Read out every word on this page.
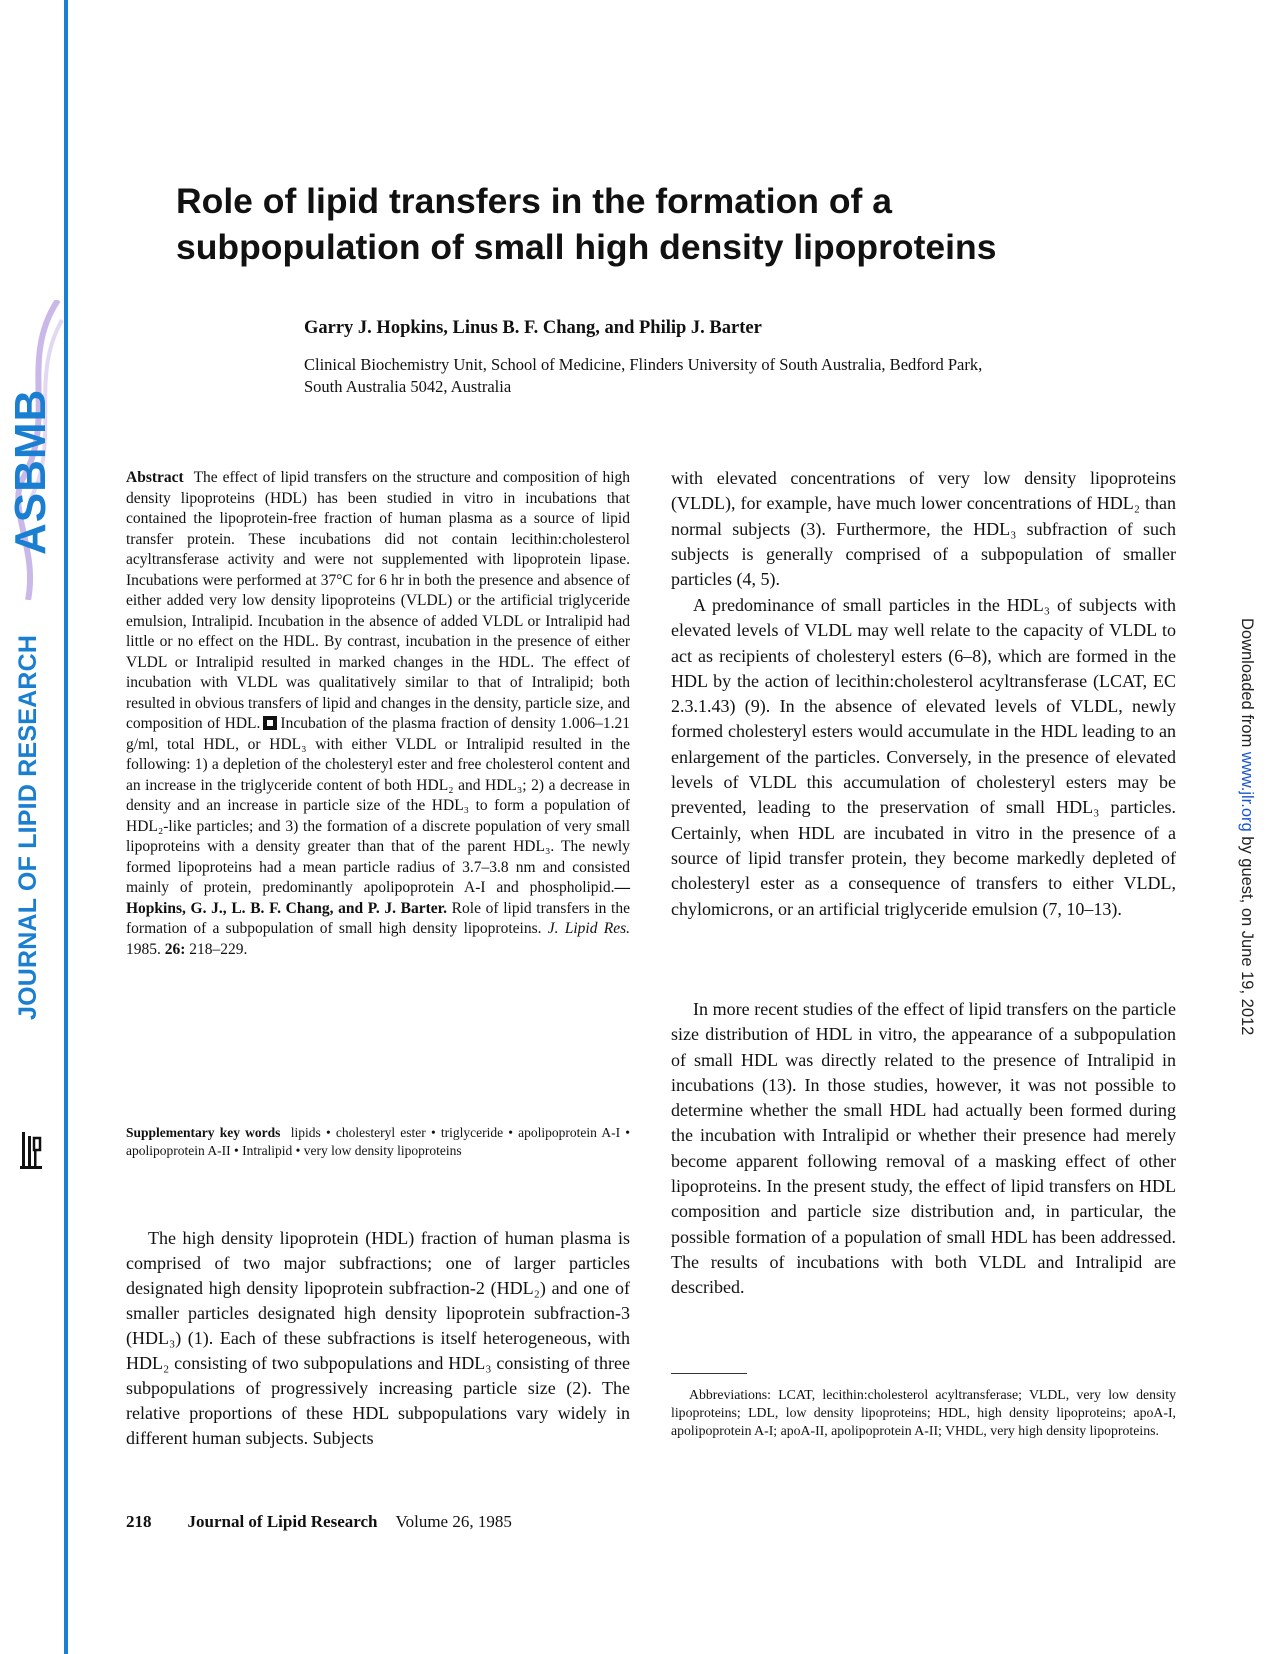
ASBMB
JOURNAL OF LIPID RESEARCH	Downloaded from www.jlr.org by guest, on June 19, 2012
Role of lipid transfers in the formation of a
subpopulation of small high density lipoproteins
Garry J. Hopkins, Linus B. F. Chang, and Philip J. Barter
Clinical Biochemistry Unit, School of Medicine, Flinders University of South Australia, Bedford Park,
South Australia 5042, Australia

Abstract The effect of lipid transfers on the structure and composition of high density lipoproteins (HDL) has been studied in vitro in incubations that contained the lipoprotein-free fraction of human plasma as a source of lipid transfer protein. These incubations did not contain lecithin:cholesterol acyltransferase activity and were not supplemented with lipoprotein lipase. Incubations were performed at 37°C for 6 hr in both the presence and absence of either added very low density lipoproteins (VLDL) or the artificial triglyceride emulsion, Intralipid. Incubation in the absence of added VLDL or Intralipid had little or no effect on the HDL. By contrast, incubation in the presence of either VLDL or Intralipid resulted in marked changes in the HDL. The effect of incubation with VLDL was qualitatively similar to that of Intralipid; both resulted in obvious transfers of lipid and changes in the density, particle size, and composition of HDL. Incubation of the plasma fraction of density 1.006–1.21 g/ml, total HDL, or HDL₃ with either VLDL or Intralipid resulted in the following: 1) a depletion of the cholesteryl ester and free cholesterol content and an increase in the triglyceride content of both HDL₂ and HDL₃; 2) a decrease in density and an increase in particle size of the HDL₃ to form a population of HDL₂-like particles; and 3) the formation of a discrete population of very small lipoproteins with a density greater than that of the parent HDL₃. The newly formed lipoproteins had a mean particle radius of 3.7–3.8 nm and consisted mainly of protein, predominantly apolipoprotein A-I and phospholipid.—Hopkins, G. J., L. B. F. Chang, and P. J. Barter. Role of lipid transfers in the formation of a subpopulation of small high density lipoproteins. J. Lipid Res. 1985. 26: 218–229.

Supplementary key words lipids • cholesteryl ester • triglyceride • apolipoprotein A-I • apolipoprotein A-II • Intralipid • very low density lipoproteins

The high density lipoprotein (HDL) fraction of human plasma is comprised of two major subfractions; one of larger particles designated high density lipoprotein subfraction-2 (HDL₂) and one of smaller particles designated high density lipoprotein subfraction-3 (HDL₃) (1). Each of these subfractions is itself heterogeneous, with HDL₂ consisting of two subpopulations and HDL₃ consisting of three subpopulations of progressively increasing particle size (2). The relative proportions of these HDL subpopulations vary widely in different human subjects. Subjects

with elevated concentrations of very low density lipoproteins (VLDL), for example, have much lower concentrations of HDL₂ than normal subjects (3). Furthermore, the HDL₃ subfraction of such subjects is generally comprised of a subpopulation of smaller particles (4, 5).

A predominance of small particles in the HDL₃ of subjects with elevated levels of VLDL may well relate to the capacity of VLDL to act as recipients of cholesteryl esters (6–8), which are formed in the HDL by the action of lecithin:cholesterol acyltransferase (LCAT, EC 2.3.1.43) (9). In the absence of elevated levels of VLDL, newly formed cholesteryl esters would accumulate in the HDL leading to an enlargement of the particles. Conversely, in the presence of elevated levels of VLDL this accumulation of cholesteryl esters may be prevented, leading to the preservation of small HDL₃ particles. Certainly, when HDL are incubated in vitro in the presence of a source of lipid transfer protein, they become markedly depleted of cholesteryl ester as a consequence of transfers to either VLDL, chylomicrons, or an artificial triglyceride emulsion (7, 10–13).

In more recent studies of the effect of lipid transfers on the particle size distribution of HDL in vitro, the appearance of a subpopulation of small HDL was directly related to the presence of Intralipid in incubations (13). In those studies, however, it was not possible to determine whether the small HDL had actually been formed during the incubation with Intralipid or whether their presence had merely become apparent following removal of a masking effect of other lipoproteins. In the present study, the effect of lipid transfers on HDL composition and particle size distribution and, in particular, the possible formation of a population of small HDL has been addressed. The results of incubations with both VLDL and Intralipid are described.

Abbreviations: LCAT, lecithin:cholesterol acyltransferase; VLDL, very low density lipoproteins; LDL, low density lipoproteins; HDL, high density lipoproteins; apoA-I, apolipoprotein A-I; apoA-II, apolipoprotein A-II; VHDL, very high density lipoproteins.

218 Journal of Lipid Research Volume 26, 1985
